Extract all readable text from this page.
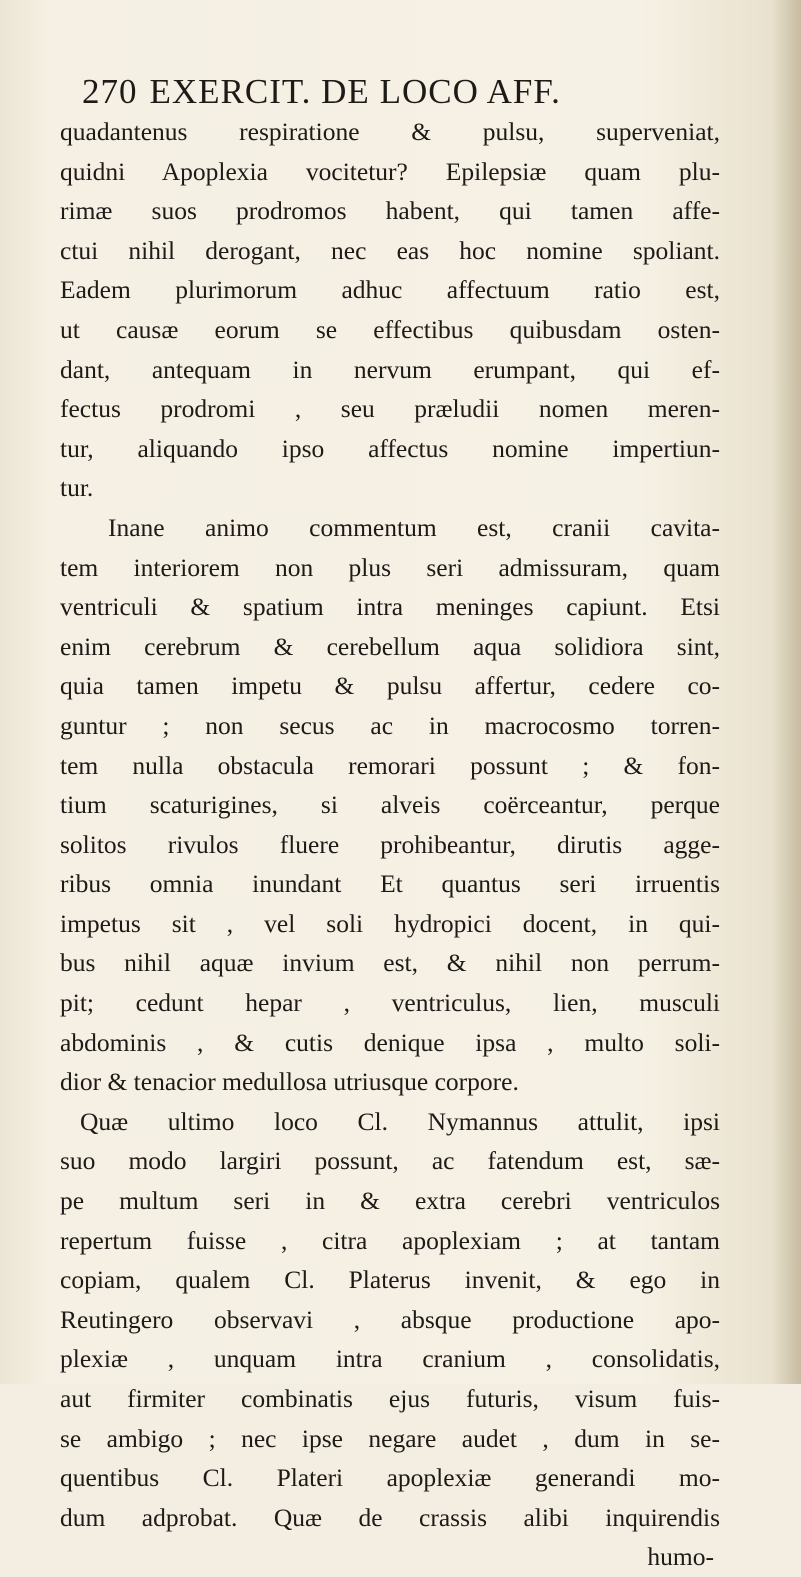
270 EXERCIT. DE LOCO AFF.
quadantenus respiratione & pulsu, superveniat,
quidni Apoplexia vocitetur? Epilepsiæ quam plu-
rimæ suos prodromos habent, qui tamen affe-
ctui nihil derogant, nec eas hoc nomine spoliant.
Eadem plurimorum adhuc affectuum ratio est,
ut causæ eorum se effectibus quibusdam osten-
dant, antequam in nervum erumpant, qui ef-
fectus prodromi , seu præludii nomen meren-
tur, aliquando ipso affectus nomine impertiun-
tur.
Inane animo commentum est, cranii cavita-
tem interiorem non plus seri admissuram, quam
ventriculi & spatium intra meninges capiunt. Etsi
enim cerebrum & cerebellum aqua solidiora sint,
quia tamen impetu & pulsu affertur, cedere co-
guntur ; non secus ac in macrocosmo torren-
tem nulla obstacula remorari possunt ; & fon-
tium scaturigines, si alveis coërceantur, perque
solitos rivulos fluere prohibeantur, dirutis agge-
ribus omnia inundant Et quantus seri irruentis
impetus sit , vel soli hydropici docent, in qui-
bus nihil aquæ invium est, & nihil non perrum-
pit; cedunt hepar , ventriculus, lien, musculi
abdominis , & cutis denique ipsa , multo soli-
dior & tenacior medullosa utriusque corpore.
Quæ ultimo loco Cl. Nymannus attulit, ipsi
suo modo largiri possunt, ac fatendum est, sæ-
pe multum seri in & extra cerebri ventriculos
repertum fuisse , citra apoplexiam ; at tantam
copiam, qualem Cl. Platerus invenit, & ego in
Reutingero observavi , absque productione apo-
plexiæ , unquam intra cranium , consolidatis,
aut firmiter combinatis ejus futuris, visum fuis-
se ambigo ; nec ipse negare audet , dum in se-
quentibus Cl. Plateri apoplexiæ generandi mo-
dum adprobat. Quæ de crassis alibi inquirendis
humo-
